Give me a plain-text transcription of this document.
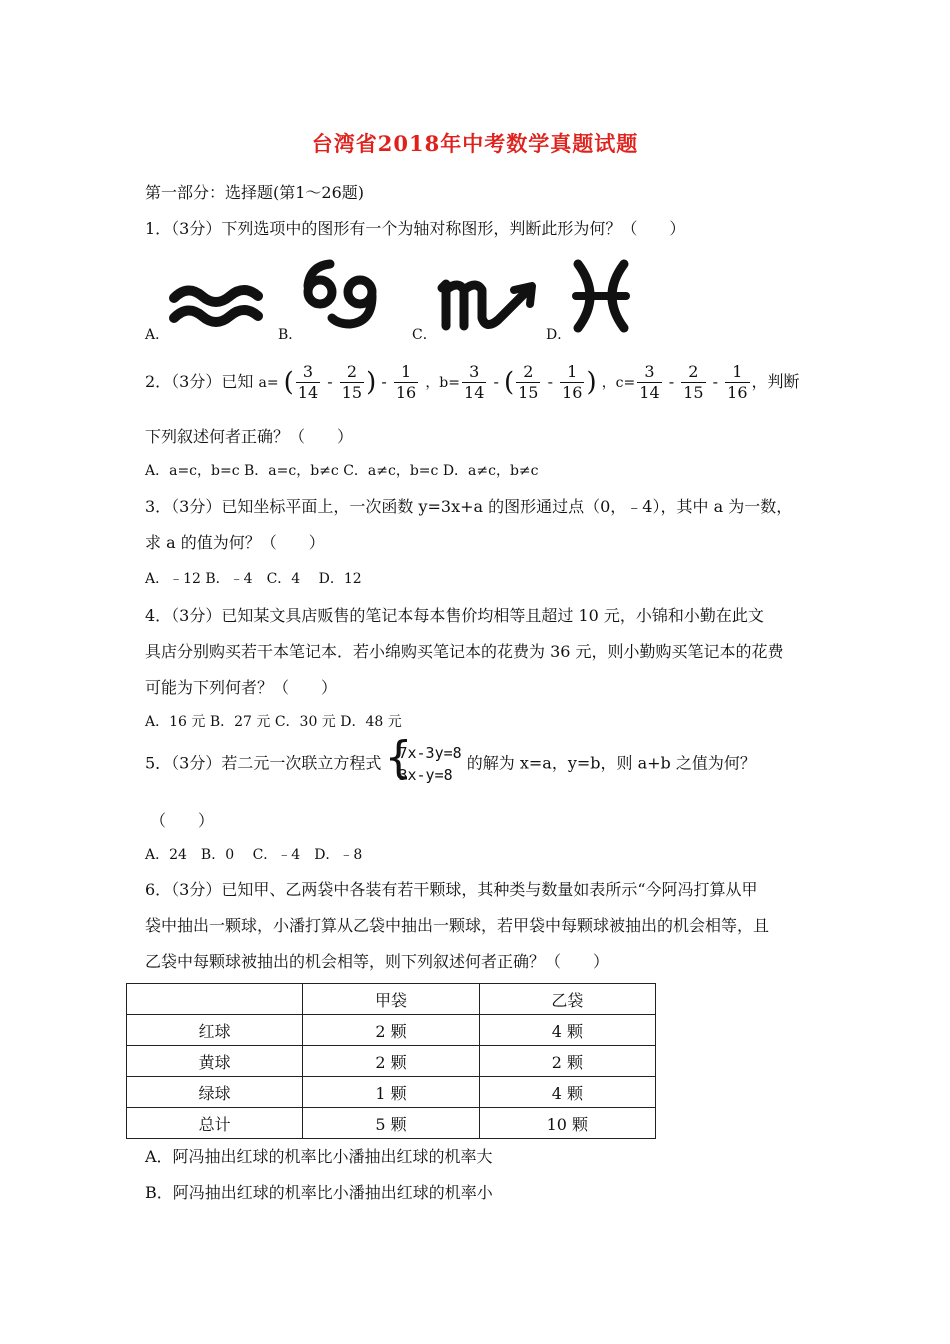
台湾省2018年中考数学真题试题
第一部分：选择题(第1～26题)
1．（3分）下列选项中的图形有一个为轴对称图形，判断此形为何？（　　）
A．	B．	C．	D．
2．（3分）已知 a= ( $\frac{3}{14} - \frac{2}{15}$ ) - $\frac{1}{16}$ ，$b= \frac{3}{14}$ - ( $\frac{2}{15} - \frac{1}{16}$ ) ，$c= \frac{3}{14} - \frac{2}{15} - \frac{1}{16}$ ，判断
下列叙述何者正确？（　　）
A．a=c，b=c B．a=c，b≠c C．a≠c，b=c D．a≠c，b≠c
3．（3分）已知坐标平面上，一次函数 y=3x+a 的图形通过点（0，﹣4），其中 a 为一数，
求 a 的值为何？（　　）
A．﹣12 B．﹣4　C．4　 D．12
4．（3分）已知某文具店贩售的笔记本每本售价均相等且超过 10 元，小锦和小勤在此文
具店分别购买若干本笔记本．若小绵购买笔记本的花费为 36 元，则小勤购买笔记本的花费
可能为下列何者？（　　）
A．16 元 B．27 元 C．30 元 D．48 元
5．（3分）若二元一次联立方程式 {
7x-3y=8
3x-y=8
的解为 x=a，y=b，则 a+b 之值为何？
（　　）
A．24　B．0　 C．﹣4　D．﹣8
6．（3分）已知甲、乙两袋中各装有若干颗球，其种类与数量如表所示“今阿冯打算从甲
袋中抽出一颗球，小潘打算从乙袋中抽出一颗球，若甲袋中每颗球被抽出的机会相等，且
乙袋中每颗球被抽出的机会相等，则下列叙述何者正确？（　　）
	甲袋	乙袋
红球	2 颗	4 颗
黄球	2 颗	2 颗
绿球	1 颗	4 颗
总计	5 颗	10 颗
A．阿冯抽出红球的机率比小潘抽出红球的机率大
B．阿冯抽出红球的机率比小潘抽出红球的机率小
